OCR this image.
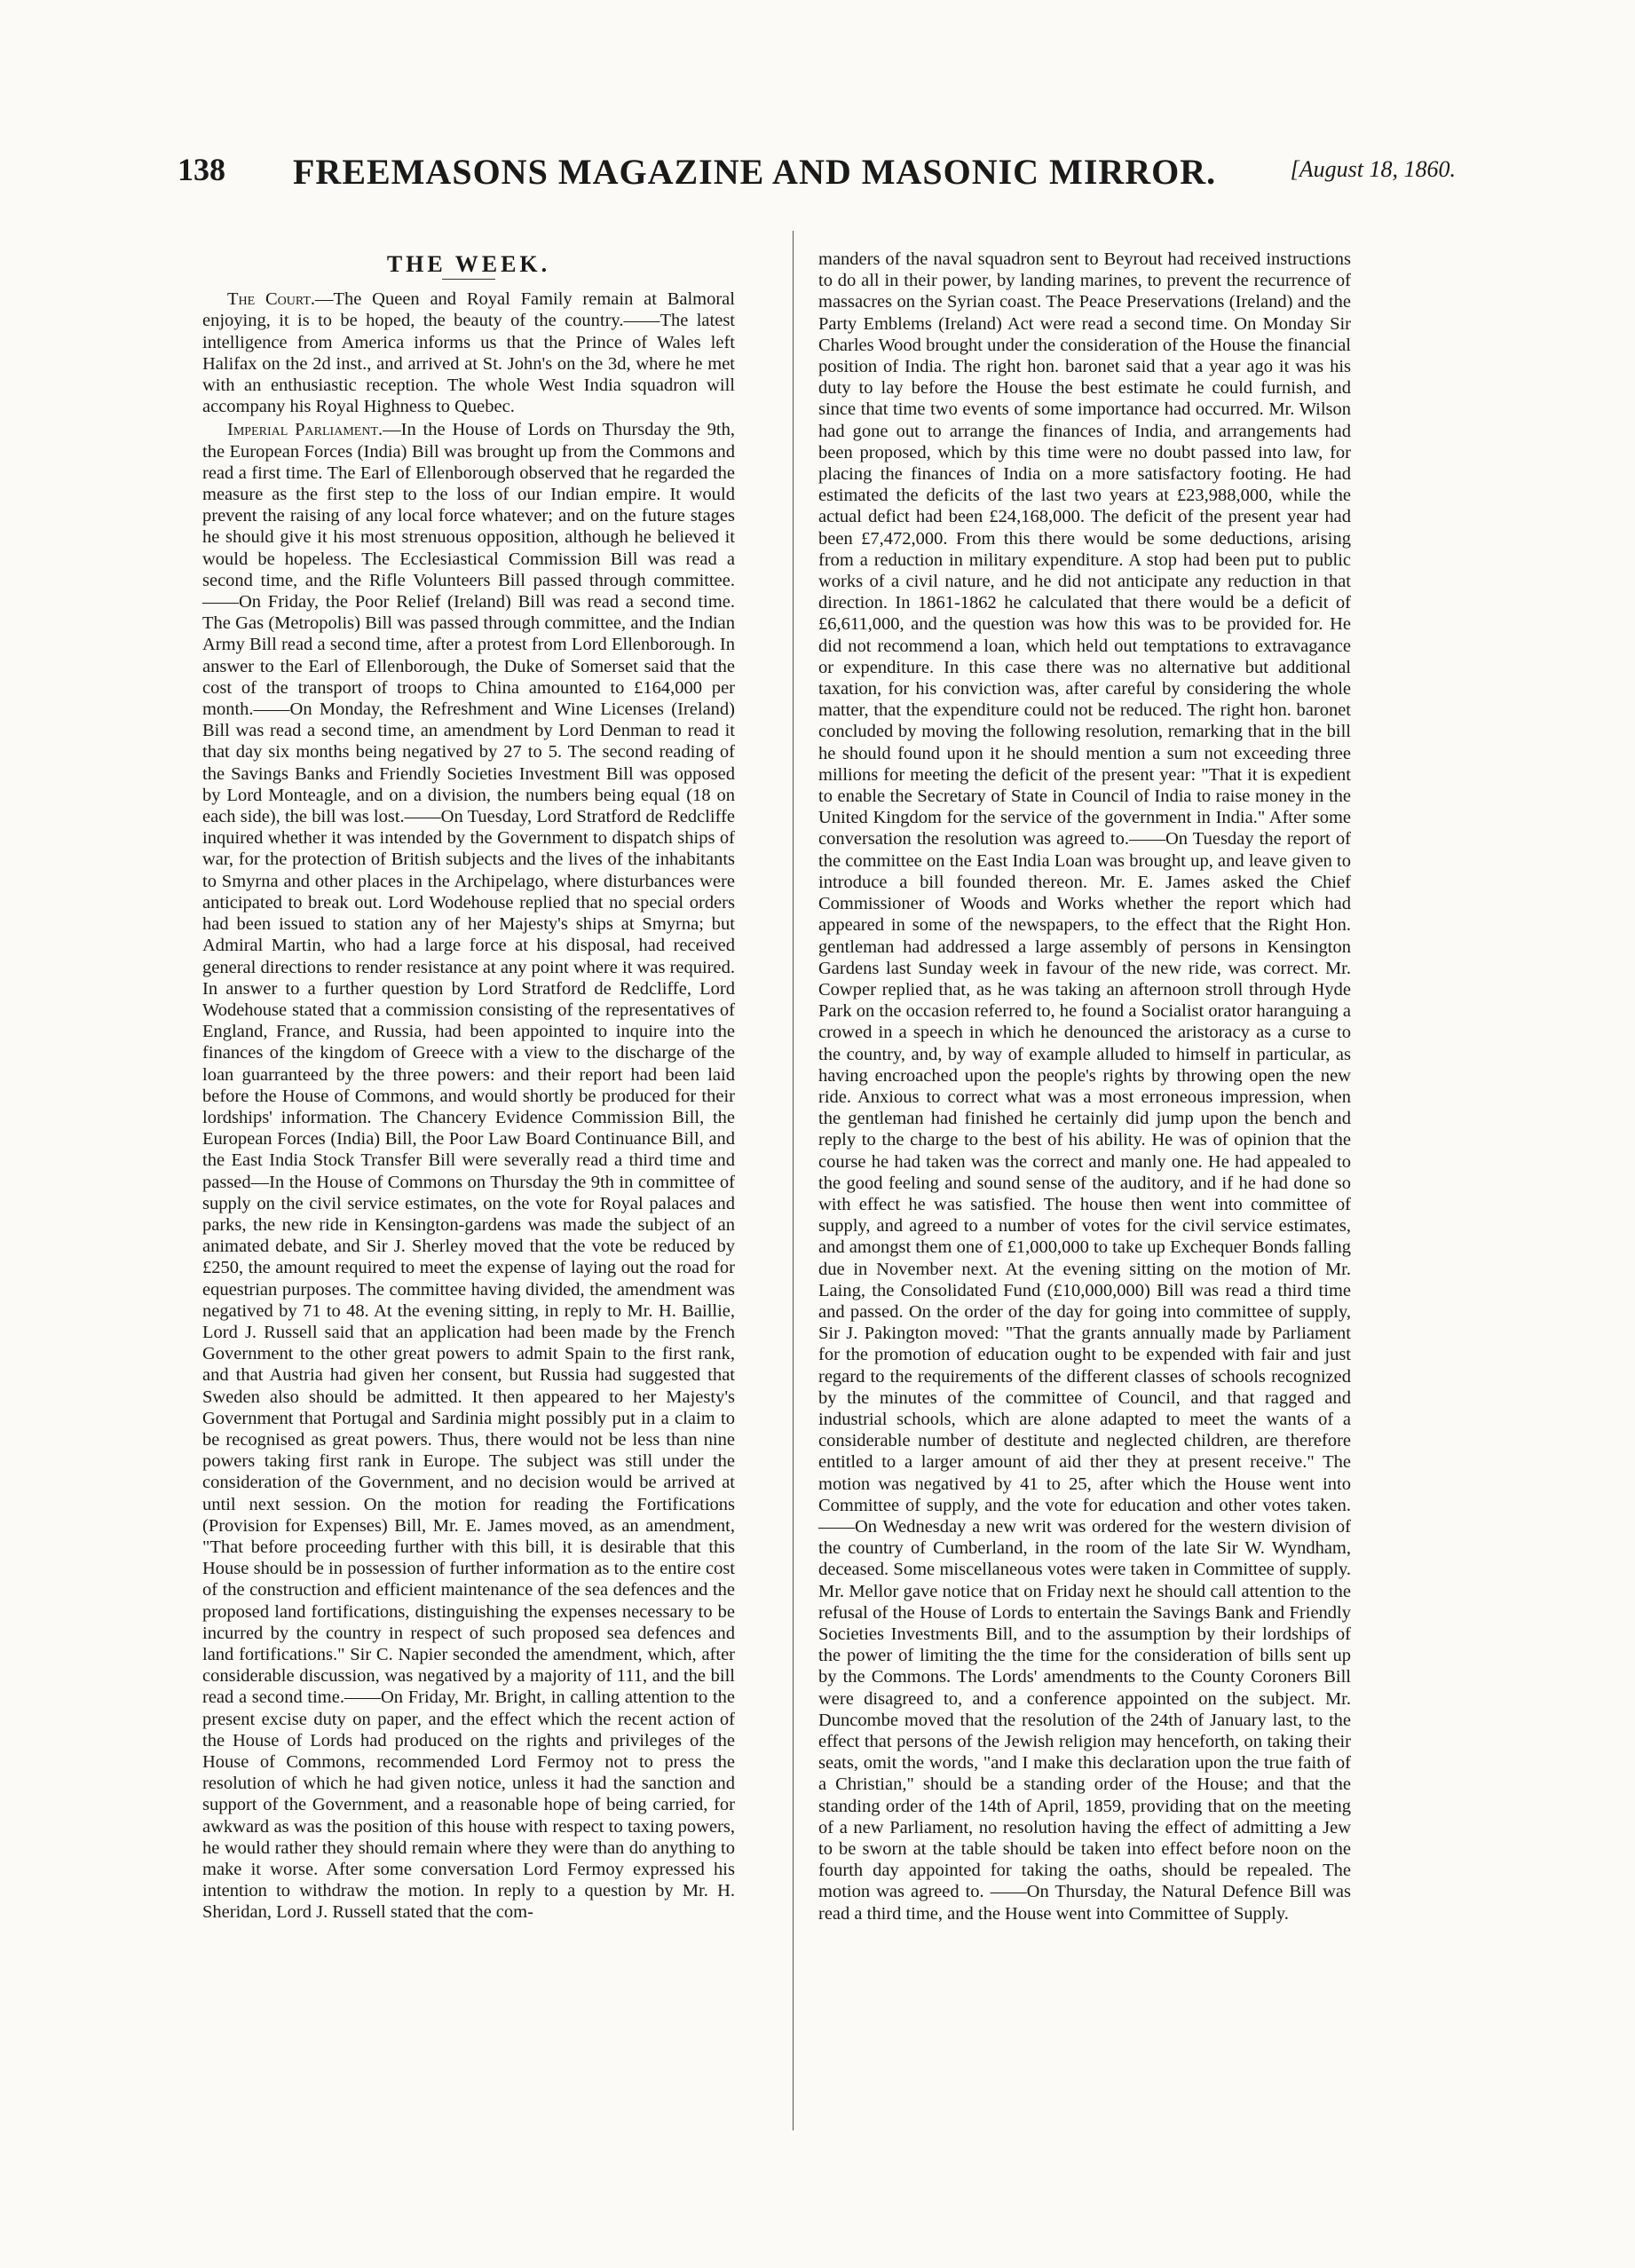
138 FREEMASONS MAGAZINE AND MASONIC MIRROR.	[August 18, 1860.
THE WEEK.

The Court.—The Queen and Royal Family remain at Balmoral enjoying, it is to be hoped, the beauty of the country.——The latest intelligence from America informs us that the Prince of Wales left Halifax on the 2d inst., and arrived at St. John's on the 3d, where he met with an enthusiastic reception. The whole West India squadron will accompany his Royal Highness to Quebec.

Imperial Parliament.—In the House of Lords on Thursday the 9th, the European Forces (India) Bill was brought up from the Commons and read a first time. The Earl of Ellenborough observed that he regarded the measure as the first step to the loss of our Indian empire. It would prevent the raising of any local force whatever; and on the future stages he should give it his most strenuous opposition, although he believed it would be hopeless. The Ecclesiastical Commission Bill was read a second time, and the Rifle Volunteers Bill passed through committee.——On Friday, the Poor Relief (Ireland) Bill was read a second time. The Gas (Metropolis) Bill was passed through committee, and the Indian Army Bill read a second time, after a protest from Lord Ellenborough. In answer to the Earl of Ellenborough, the Duke of Somerset said that the cost of the transport of troops to China amounted to £164,000 per month.——On Monday, the Refreshment and Wine Licenses (Ireland) Bill was read a second time, an amendment by Lord Denman to read it that day six months being negatived by 27 to 5. The second reading of the Savings Banks and Friendly Societies Investment Bill was opposed by Lord Monteagle, and on a division, the numbers being equal (18 on each side), the bill was lost.——On Tuesday, Lord Stratford de Redcliffe inquired whether it was intended by the Government to dispatch ships of war, for the protection of British subjects and the lives of the inhabitants to Smyrna and other places in the Archipelago, where disturbances were anticipated to break out. Lord Wodehouse replied that no special orders had been issued to station any of her Majesty's ships at Smyrna; but Admiral Martin, who had a large force at his disposal, had received general directions to render resistance at any point where it was required. In answer to a further question by Lord Stratford de Redcliffe, Lord Wodehouse stated that a commission consisting of the representatives of England, France, and Russia, had been appointed to inquire into the finances of the kingdom of Greece with a view to the discharge of the loan guarranteed by the three powers: and their report had been laid before the House of Commons, and would shortly be produced for their lordships' information. The Chancery Evidence Commission Bill, the European Forces (India) Bill, the Poor Law Board Continuance Bill, and the East India Stock Transfer Bill were severally read a third time and passed—In the House of Commons on Thursday the 9th in committee of supply on the civil service estimates, on the vote for Royal palaces and parks, the new ride in Kensington-gardens was made the subject of an animated debate, and Sir J. Sherley moved that the vote be reduced by £250, the amount required to meet the expense of laying out the road for equestrian purposes. The committee having divided, the amendment was negatived by 71 to 48. At the evening sitting, in reply to Mr. H. Baillie, Lord J. Russell said that an application had been made by the French Government to the other great powers to admit Spain to the first rank, and that Austria had given her consent, but Russia had suggested that Sweden also should be admitted. It then appeared to her Majesty's Government that Portugal and Sardinia might possibly put in a claim to be recognised as great powers. Thus, there would not be less than nine powers taking first rank in Europe. The subject was still under the consideration of the Government, and no decision would be arrived at until next session. On the motion for reading the Fortifications (Provision for Expenses) Bill, Mr. E. James moved, as an amendment, "That before proceeding further with this bill, it is desirable that this House should be in possession of further information as to the entire cost of the construction and efficient maintenance of the sea defences and the proposed land fortifications, distinguishing the expenses necessary to be incurred by the country in respect of such proposed sea defences and land fortifications." Sir C. Napier seconded the amendment, which, after considerable discussion, was negatived by a majority of 111, and the bill read a second time.——On Friday, Mr. Bright, in calling attention to the present excise duty on paper, and the effect which the recent action of the House of Lords had produced on the rights and privileges of the House of Commons, recommended Lord Fermoy not to press the resolution of which he had given notice, unless it had the sanction and support of the Government, and a reasonable hope of being carried, for awkward as was the position of this house with respect to taxing powers, he would rather they should remain where they were than do anything to make it worse. After some conversation Lord Fermoy expressed his intention to withdraw the motion. In reply to a question by Mr. H. Sheridan, Lord J. Russell stated that the com-

manders of the naval squadron sent to Beyrout had received instructions to do all in their power, by landing marines, to prevent the recurrence of massacres on the Syrian coast. The Peace Preservations (Ireland) and the Party Emblems (Ireland) Act were read a second time. On Monday Sir Charles Wood brought under the consideration of the House the financial position of India. The right hon. baronet said that a year ago it was his duty to lay before the House the best estimate he could furnish, and since that time two events of some importance had occurred. Mr. Wilson had gone out to arrange the finances of India, and arrangements had been proposed, which by this time were no doubt passed into law, for placing the finances of India on a more satisfactory footing. He had estimated the deficits of the last two years at £23,988,000, while the actual defict had been £24,168,000. The deficit of the present year had been £7,472,000. From this there would be some deductions, arising from a reduction in military expenditure. A stop had been put to public works of a civil nature, and he did not anticipate any reduction in that direction. In 1861-1862 he calculated that there would be a deficit of £6,611,000, and the question was how this was to be provided for. He did not recommend a loan, which held out temptations to extravagance or expenditure. In this case there was no alternative but additional taxation, for his conviction was, after careful by considering the whole matter, that the expenditure could not be reduced. The right hon. baronet concluded by moving the following resolution, remarking that in the bill he should found upon it he should mention a sum not exceeding three millions for meeting the deficit of the present year: "That it is expedient to enable the Secretary of State in Council of India to raise money in the United Kingdom for the service of the government in India." After some conversation the resolution was agreed to.——On Tuesday the report of the committee on the East India Loan was brought up, and leave given to introduce a bill founded thereon. Mr. E. James asked the Chief Commissioner of Woods and Works whether the report which had appeared in some of the newspapers, to the effect that the Right Hon. gentleman had addressed a large assembly of persons in Kensington Gardens last Sunday week in favour of the new ride, was correct. Mr. Cowper replied that, as he was taking an afternoon stroll through Hyde Park on the occasion referred to, he found a Socialist orator haranguing a crowed in a speech in which he denounced the aristoracy as a curse to the country, and, by way of example alluded to himself in particular, as having encroached upon the people's rights by throwing open the new ride. Anxious to correct what was a most erroneous impression, when the gentleman had finished he certainly did jump upon the bench and reply to the charge to the best of his ability. He was of opinion that the course he had taken was the correct and manly one. He had appealed to the good feeling and sound sense of the auditory, and if he had done so with effect he was satisfied. The house then went into committee of supply, and agreed to a number of votes for the civil service estimates, and amongst them one of £1,000,000 to take up Exchequer Bonds falling due in November next. At the evening sitting on the motion of Mr. Laing, the Consolidated Fund (£10,000,000) Bill was read a third time and passed. On the order of the day for going into committee of supply, Sir J. Pakington moved: "That the grants annually made by Parliament for the promotion of education ought to be expended with fair and just regard to the requirements of the different classes of schools recognized by the minutes of the committee of Council, and that ragged and industrial schools, which are alone adapted to meet the wants of a considerable number of destitute and neglected children, are therefore entitled to a larger amount of aid ther they at present receive." The motion was negatived by 41 to 25, after which the House went into Committee of supply, and the vote for education and other votes taken.——On Wednesday a new writ was ordered for the western division of the country of Cumberland, in the room of the late Sir W. Wyndham, deceased. Some miscellaneous votes were taken in Committee of supply. Mr. Mellor gave notice that on Friday next he should call attention to the refusal of the House of Lords to entertain the Savings Bank and Friendly Societies Investments Bill, and to the assumption by their lordships of the power of limiting the the time for the consideration of bills sent up by the Commons. The Lords' amendments to the County Coroners Bill were disagreed to, and a conference appointed on the subject. Mr. Duncombe moved that the resolution of the 24th of January last, to the effect that persons of the Jewish religion may henceforth, on taking their seats, omit the words, "and I make this declaration upon the true faith of a Christian," should be a standing order of the House; and that the standing order of the 14th of April, 1859, providing that on the meeting of a new Parliament, no resolution having the effect of admitting a Jew to be sworn at the table should be taken into effect before noon on the fourth day appointed for taking the oaths, should be repealed. The motion was agreed to. ——On Thursday, the Natural Defence Bill was read a third time, and the House went into Committee of Supply.
